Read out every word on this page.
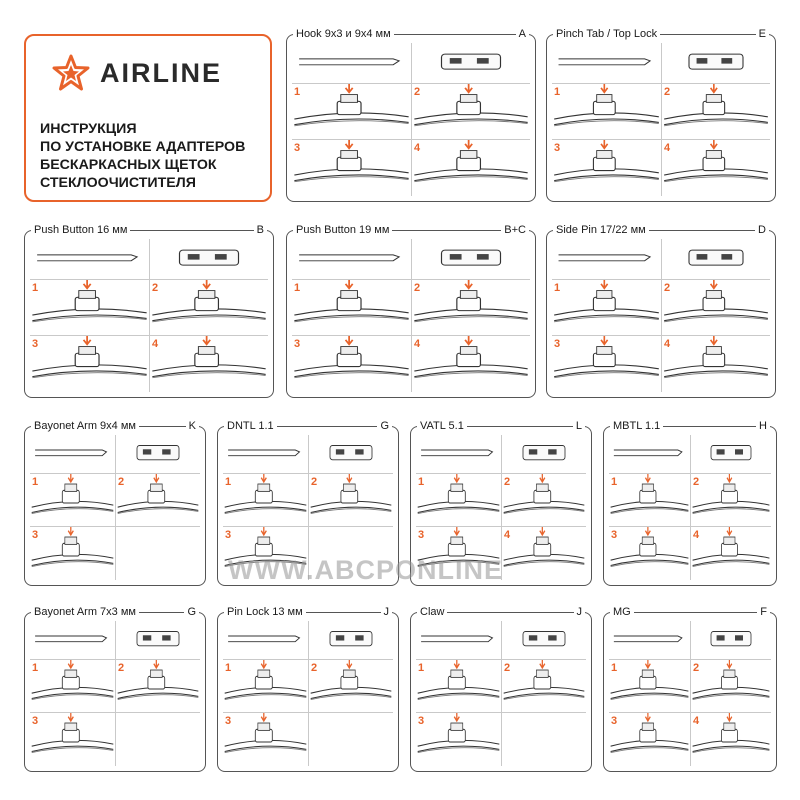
AIRLINE
ИНСТРУКЦИЯ
ПО УСТАНОВКЕ АДАПТЕРОВ
БЕСКАРКАСНЫХ ЩЕТОК
СТЕКЛООЧИСТИТЕЛЯ
Hook 9x3 и 9x4 мм	A
1	2
3	4
Pinch Tab / Top Lock	E
1	2
3	4
Push Button 16 мм	B
1	2
3	4
Push Button 19 мм	B+C
1	2
3	4
Side Pin 17/22 мм	D
1	2
3	4
Bayonet Arm 9x4 мм	K
1	2
3
DNTL 1.1	G
1	2
3
VATL 5.1	L
1	2
3	4
MBTL 1.1	H
1	2
3	4
Bayonet Arm 7x3 мм	G
1	2
3
Pin Lock 13 мм	J
1	2
3
Claw	J
1	2
3
MG	F
1	2
3	4
WWW.ABCPONLINE
